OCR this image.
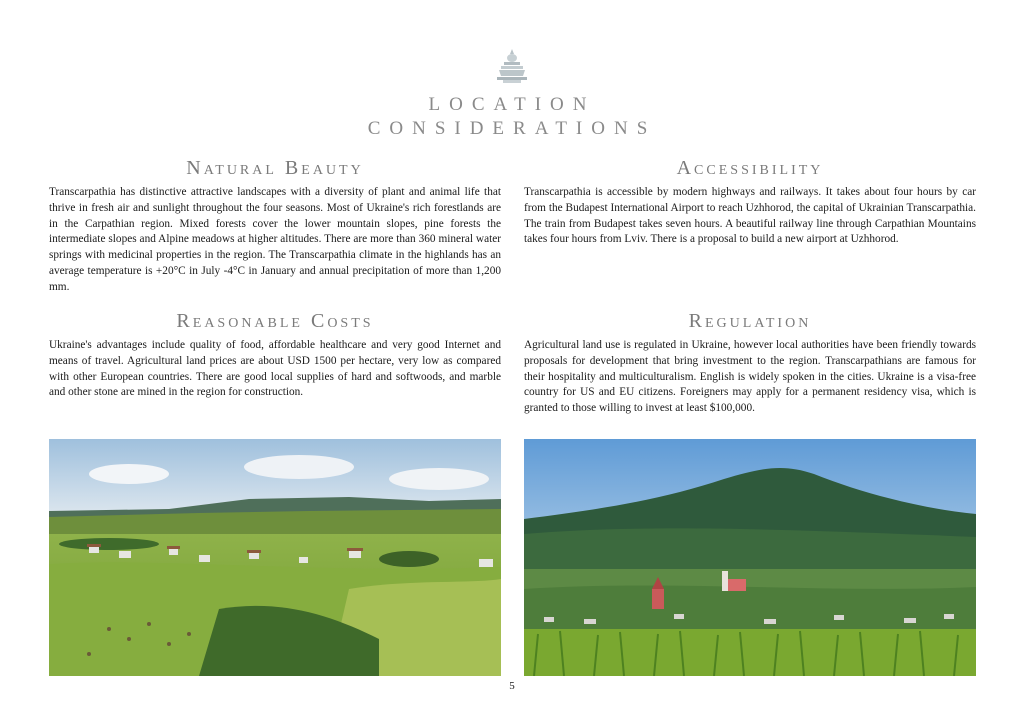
LOCATION
CONSIDERATIONS
Natural Beauty

Transcarpathia has distinctive attractive landscapes with a diversity of plant and animal life that thrive in fresh air and sunlight throughout the four seasons. Most of Ukraine's rich forestlands are in the Carpathian region. Mixed forests cover the lower mountain slopes, pine forests the intermediate slopes and Alpine meadows at higher altitudes. There are more than 360 mineral water springs with medicinal properties in the region. The Transcarpathia climate in the highlands has an average temperature is +20°C in July -4°C in January and annual precipitation of more than 1,200 mm.

Accessibility

Transcarpathia is accessible by modern highways and railways. It takes about four hours by car from the Budapest International Airport to reach Uzhhorod, the capital of Ukrainian Transcarpathia. The train from Budapest takes seven hours. A beautiful railway line through Carpathian Mountains takes four hours from Lviv. There is a proposal to build a new airport at Uzhhorod.

Reasonable Costs

Ukraine's advantages include quality of food, affordable healthcare and very good Internet and means of travel. Agricultural land prices are about USD 1500 per hectare, very low as compared with other European countries. There are good local supplies of hard and softwoods, and marble and other stone are mined in the region for construction.

Regulation

Agricultural land use is regulated in Ukraine, however local authorities have been friendly towards proposals for development that bring investment to the region. Transcarpathians are famous for their hospitality and multiculturalism. English is widely spoken in the cities. Ukraine is a visa-free country for US and EU citizens. Foreigners may apply for a permanent residency visa, which is granted to those willing to invest at least $100,000.

5
